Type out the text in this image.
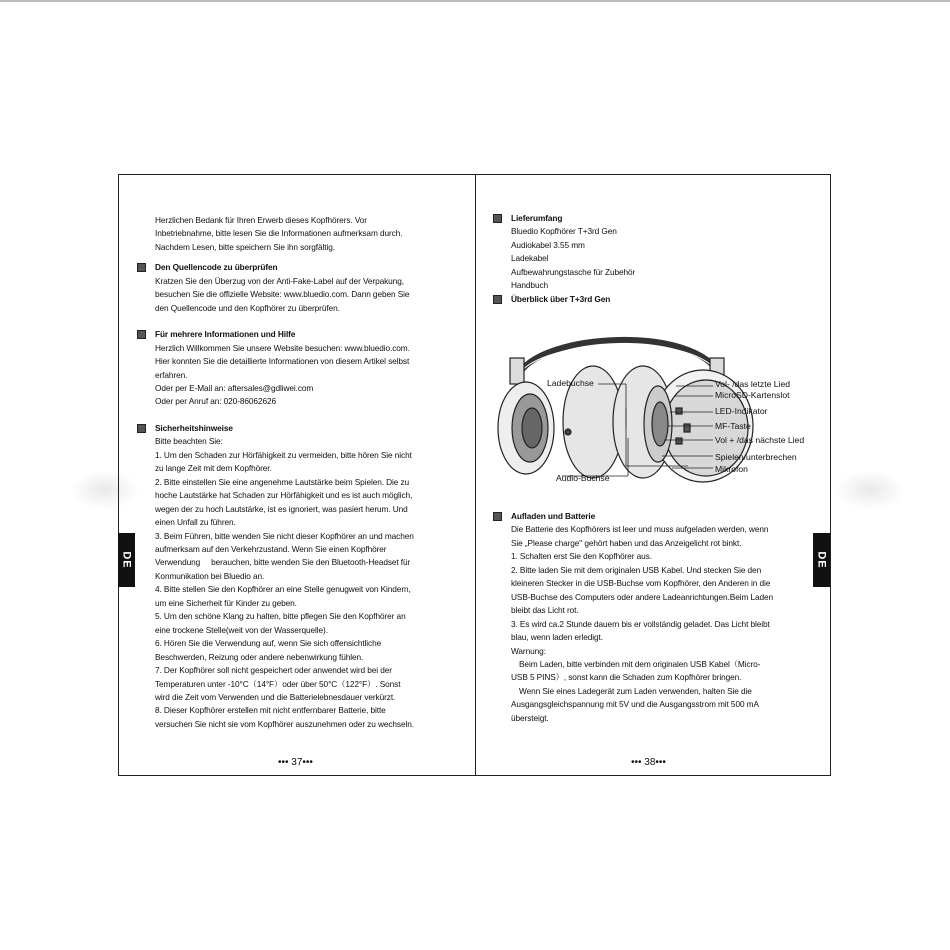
DE	DE

Herzlichen Bedank für Ihren Erwerb dieses Kopfhörers. Vor

Inbetriebnahme, bitte lesen Sie die Informationen aufmerksam durch.

Nachdem Lesen, bitte speichern Sie ihn sorgfältig.

Den Quellencode zu überprüfen

Kratzen Sie den Überzug von der Anti-Fake-Label auf der Verpakung,

besuchen Sie die offizielle Website: www.bluedio.com. Dann geben Sie

den Quellencode und den Kopfhörer zu überprüfen.

Für mehrere Informationen und Hilfe

Herzlich Willkommen Sie unsere Website besuchen: www.bluedio.com.

Hier konnten Sie die detaillierte Informationen von diesem Artikel selbst

erfahren.

Oder per E-Mail an: aftersales@gdliwei.com

Oder per Anruf an: 020-86062626

Sicherheitshinweise

Bitte beachten Sie:

1. Um den Schaden zur Hörfähigkeit zu vermeiden, bitte hören Sie nicht

zu lange Zeit mit dem Kopfhörer.

2. Bitte einstellen Sie eine angenehme Lautstärke beim Spielen. Die zu

hoche Lautstärke hat Schaden zur Hörfähigkeit und es ist auch möglich,

wegen der zu hoch Lautstärke, ist es ignoriert, was pasiert herum. Und

einen Unfall zu führen.

3. Beim Führen, bitte wenden Sie nicht dieser Kopfhörer an und machen

aufmerksam auf den Verkehrzustand. Wenn Sie einen Kopfhörer

Verwendung     berauchen, bitte wenden Sie den Bluetooth-Headset für

Konmunikation bei Bluedio an.

4. Bitte stellen Sie den Kopfhörer an eine Stelle genugweit von Kindern,

um eine Sicherheit für Kinder zu geben.

5. Um den schöne Klang zu halten, bitte pflegen Sie den Kopfhörer an

eine trockene Stelle(weit von der Wasserquelle).

6. Hören Sie die Verwendung auf, wenn Sie sich offensichtliche

Beschwerden, Reizung oder andere nebenwirkung fühlen.

7. Der Kopfhörer soll nicht gespeichert oder anwendet wird bei der

Temperaturen unter -10°C（14°F）oder über 50°C（122°F）. Sonst

wird die Zeit vom Verwenden und die Batterielebnesdauer verkürzt.

8. Dieser Kopfhörer erstellen mit nicht entfernbarer Batterie, bitte

versuchen Sie nicht sie vom Kopfhörer auszunehmen oder zu wechseln.

••• 37•••

Lieferumfang

Bluedio Kopfhörer T+3rd Gen

Audiokabel 3.55 mm

Ladekabel

Aufbewahrungstasche für Zubehör

Handbuch

Überblick über T+3rd Gen

Ladebuchse
Audio-Buchse
Vol- /das letzte Lied
MicroSD-Kartenslot
LED-Indikator
MF-Taste
Vol + /das nächste Lied
Spielen/unterbrechen
Mikrofon

Aufladen und Batterie

Die Batterie des Kopfhörers ist leer und muss aufgeladen werden, wenn

Sie „Please charge" gehört haben und das Anzeigelicht rot binkt.

1. Schalten erst Sie den Kopfhörer aus.

2. Bitte laden Sie mit dem originalen USB Kabel. Und stecken Sie den

kleineren Stecker in die USB-Buchse vom Kopfhörer, den Anderen in die

USB-Buchse des Computers oder andere Ladeanrichtungen.Beim Laden

bleibt das Licht rot.

3. Es wird ca.2 Stunde dauern bis er vollständig geladet. Das Licht bleibt

blau, wenn laden erledigt.

Warnung:

Beim Laden, bitte verbinden mit dem originalen USB Kabel（Micro-

USB 5 PINS）, sonst kann die Schaden zum Kopfhörer bringen.

Wenn Sie eines Ladegerät zum Laden verwenden, halten Sie die

Ausgangsgleichspannung mit 5V und die Ausgangsstrom mit 500 mA

übersteigt.

••• 38•••
